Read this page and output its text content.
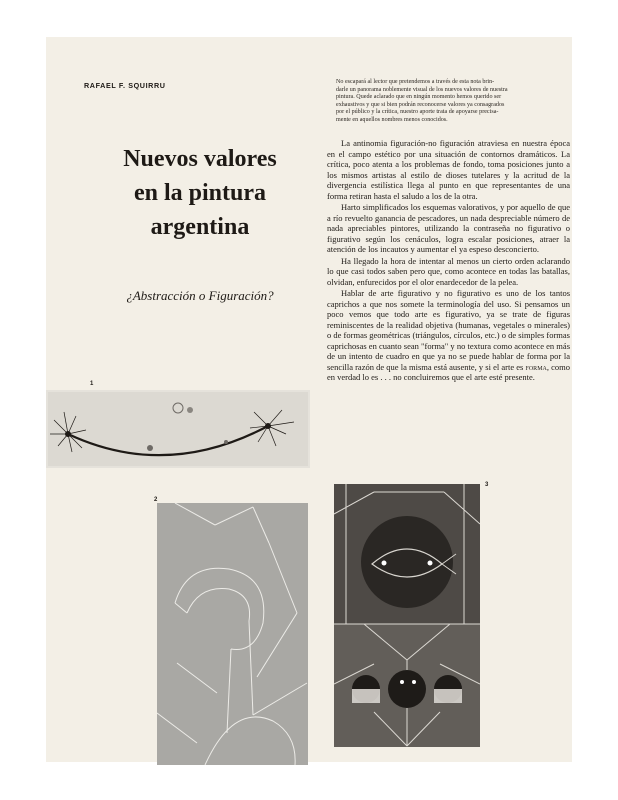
RAFAEL F. SQUIRRU
Nuevos valores
en la pintura
argentina
¿Abstracción o Figuración?
No escapará al lector que pretendemos a través de esta nota brin-
darle un panorama noblemente visual de los nuevos valores de nuestra
pintura. Quede aclarado que en ningún momento hemos querido ser
exhaustivos y que si bien podrán reconocerse valores ya consagrados
por el público y la crítica, nuestro aporte trata de apoyarse precisa-
mente en aquellos nombres menos conocidos.

La antinomia figuración-no figuración atraviesa en nuestra época en el campo estético por una situación de contornos dramáticos. La crítica, poco atenta a los problemas de fondo, toma posiciones junto a los mismos artistas al estilo de dioses tutelares y la acritud de la divergencia estilística llega al punto en que representantes de una forma retiran hasta el saludo a los de la otra.

Harto simplificados los esquemas valorativos, y por aquello de que a río revuelto ganancia de pescadores, un nada despreciable número de nada apreciables pintores, utilizando la contraseña no figurativo o figurativo según los cenáculos, logra escalar posiciones, atraer la atención de los incautos y aumentar el ya espeso desconcierto.

Ha llegado la hora de intentar al menos un cierto orden aclarando lo que casi todos saben pero que, como acontece en todas las batallas, olvidan, enfurecidos por el olor enardecedor de la pelea.

Hablar de arte figurativo y no figurativo es uno de los tantos caprichos a que nos somete la terminología del uso. Si pensamos un poco vemos que todo arte es figurativo, ya se trate de figuras reminiscentes de la realidad objetiva (humanas, vegetales o minerales) o de formas geométricas (triángulos, círculos, etc.) o de simples formas caprichosas en cuanto sean "forma" y no textura como acontece en más de un intento de cuadro en que ya no se puede hablar de forma por la sencilla razón de que la misma está ausente, y si el arte es forma, como en verdad lo es . . . no concluiremos que el arte esté presente.

1
2
3
